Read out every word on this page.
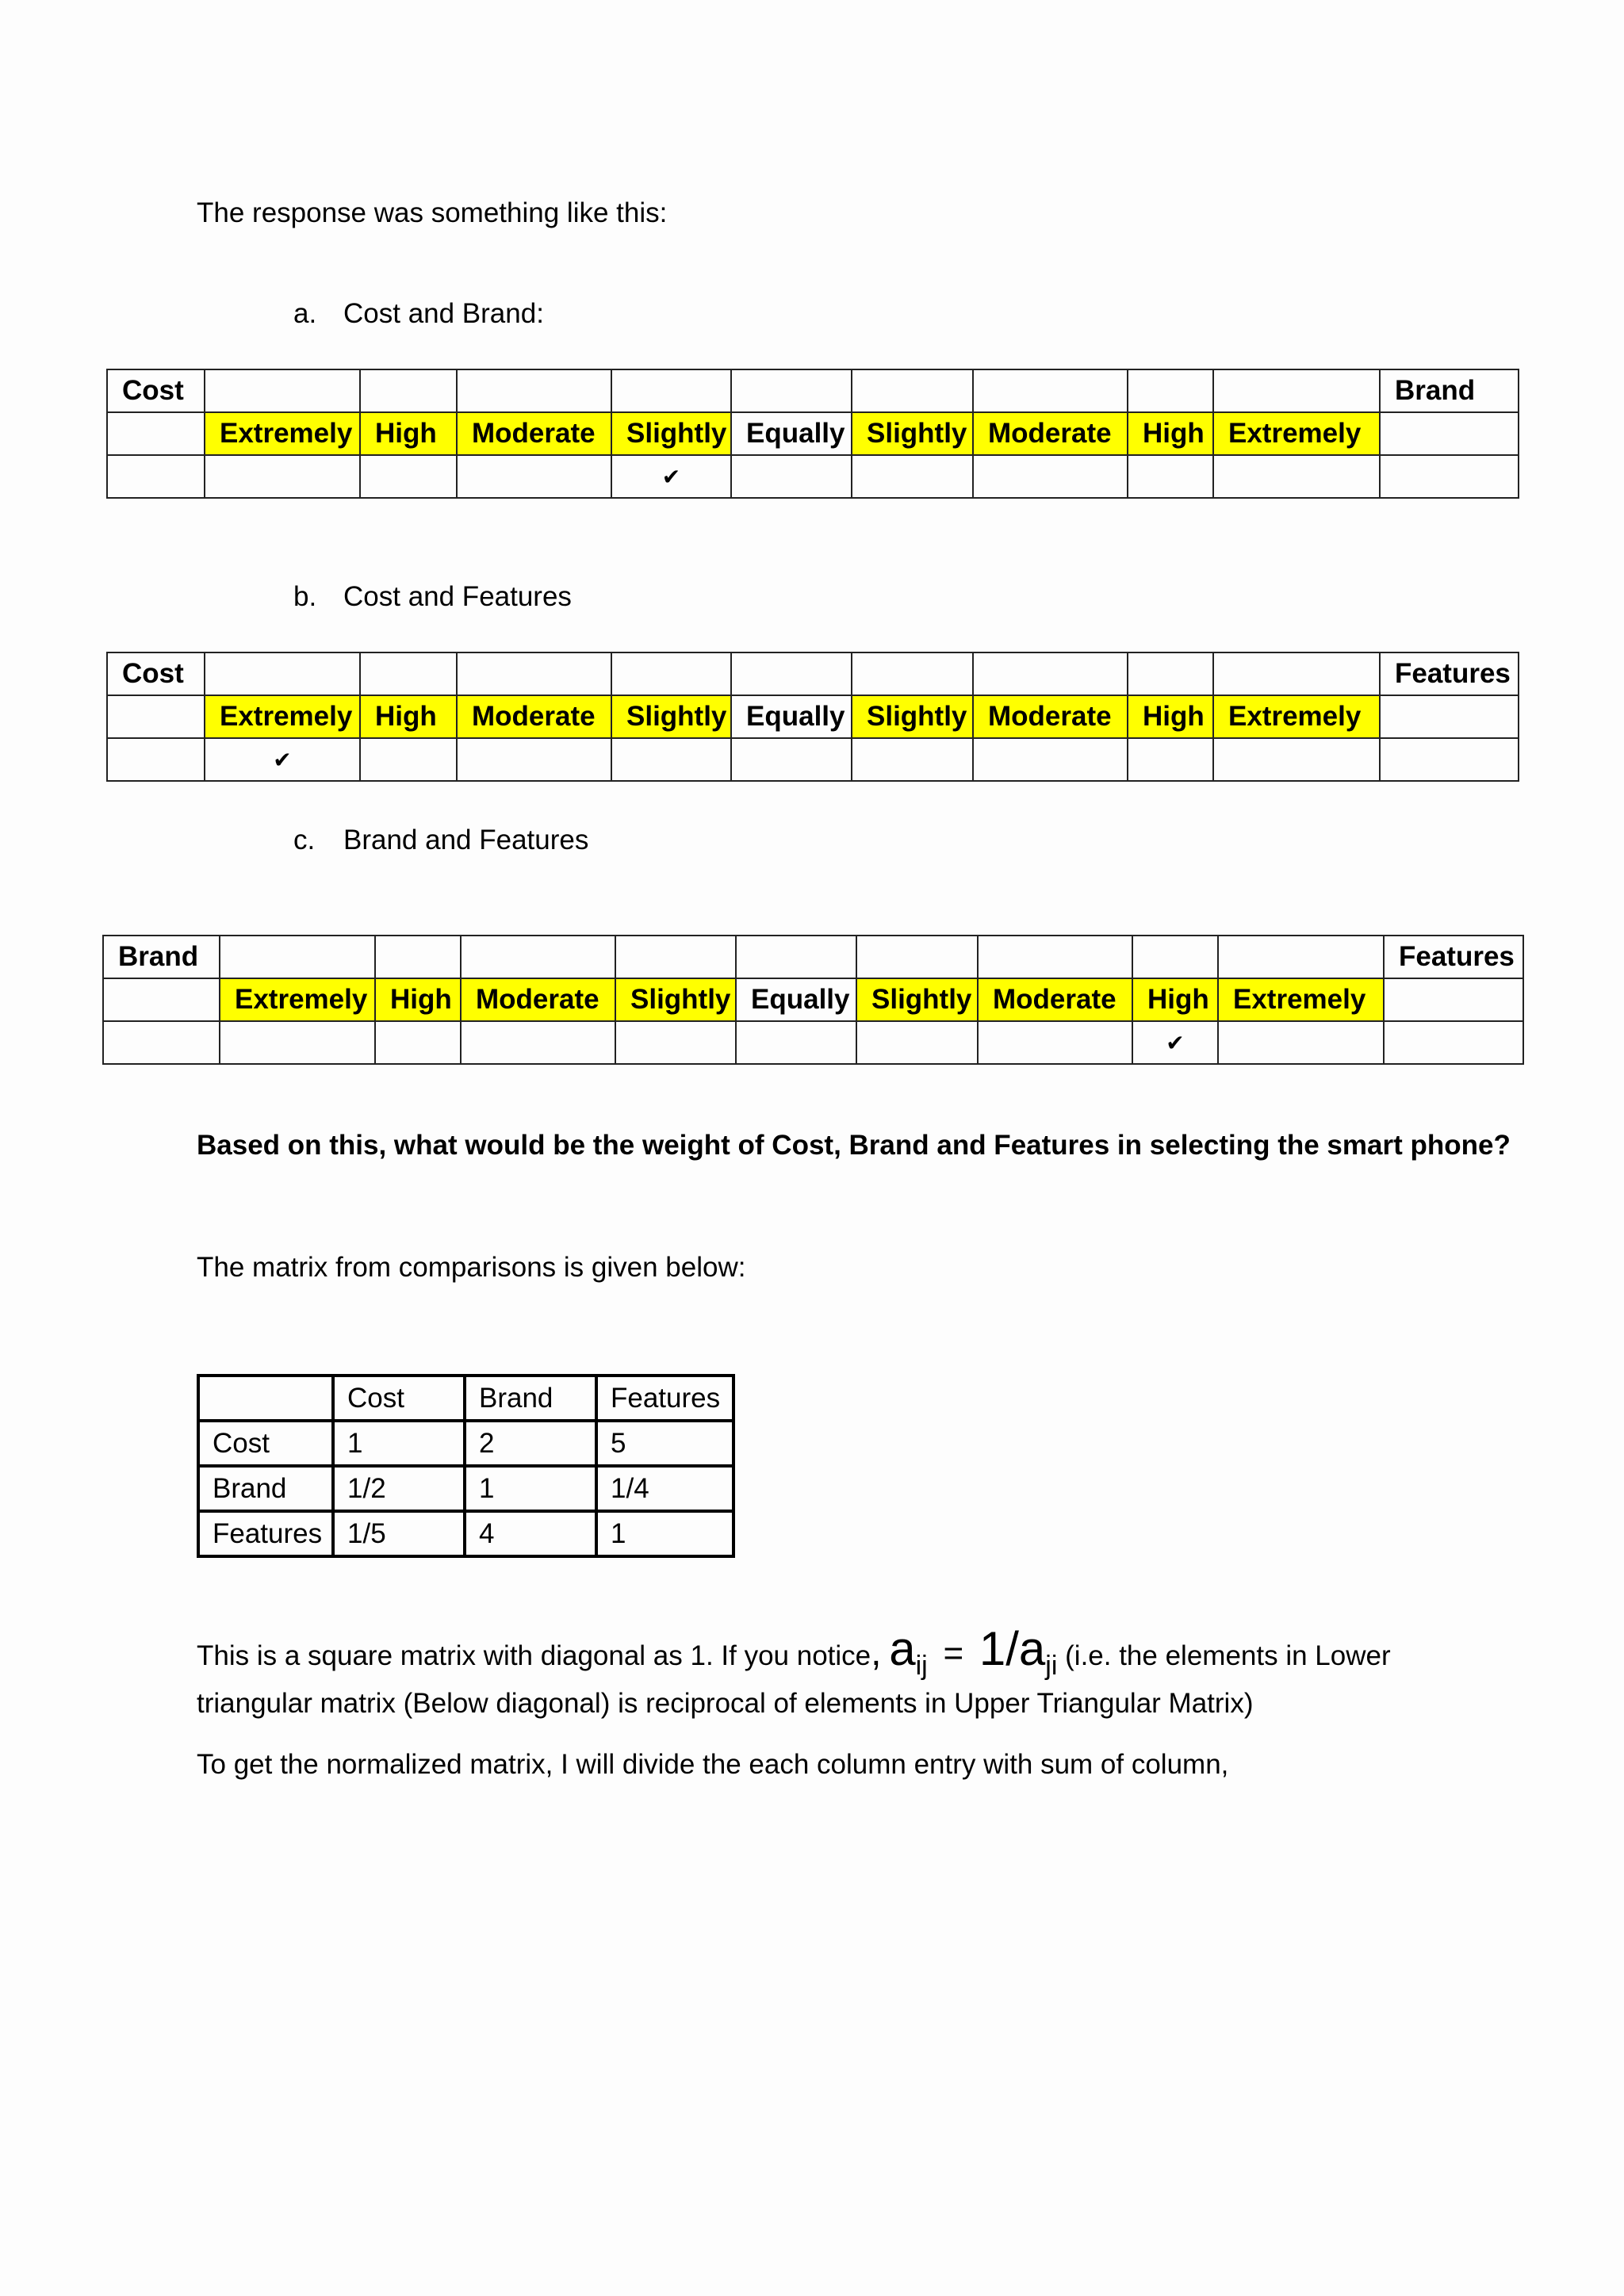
The response was something like this:
a. Cost and Brand:
Cost										Brand
	Extremely	High	Moderate	Slightly	Equally	Slightly	Moderate	High	Extremely	
				✔						
b. Cost and Features
Cost										Features
	Extremely	High	Moderate	Slightly	Equally	Slightly	Moderate	High	Extremely	
	✔									
c. Brand and Features
Brand										Features
	Extremely	High	Moderate	Slightly	Equally	Slightly	Moderate	High	Extremely	
								✔		
Based on this, what would be the weight of Cost, Brand and Features in selecting the smart phone?
The matrix from comparisons is given below:
	Cost	Brand	Features
Cost	1	2	5
Brand	1/2	1	1/4
Features	1/5	4	1
This is a square matrix with diagonal as 1. If you notice, aij = 1/aji (i.e. the elements in Lower
triangular matrix (Below diagonal) is reciprocal of elements in Upper Triangular Matrix)
To get the normalized matrix, I will divide the each column entry with sum of column,
